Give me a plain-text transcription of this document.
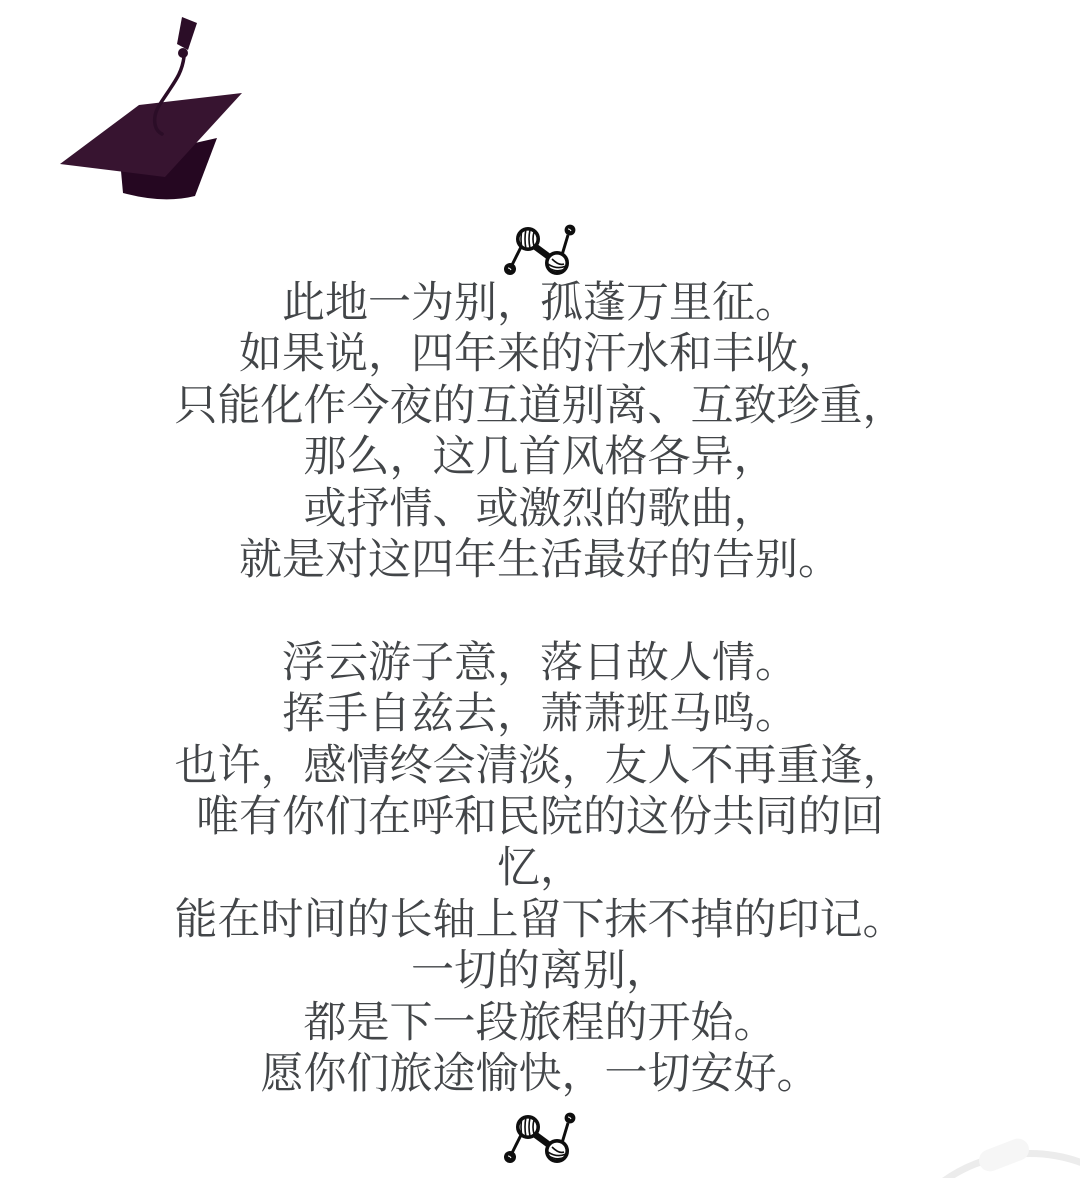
此地一为别，孤蓬万里征。
如果说，四年来的汗水和丰收，
只能化作今夜的互道别离、互致珍重，
那么，这几首风格各异，
或抒情、或激烈的歌曲，
就是对这四年生活最好的告别。
浮云游子意，落日故人情。
挥手自兹去，萧萧班马鸣。
也许，感情终会清淡，友人不再重逢，
唯有你们在呼和民院的这份共同的回
忆，
能在时间的长轴上留下抹不掉的印记。
一切的离别，
都是下一段旅程的开始。
愿你们旅途愉快，一切安好。
